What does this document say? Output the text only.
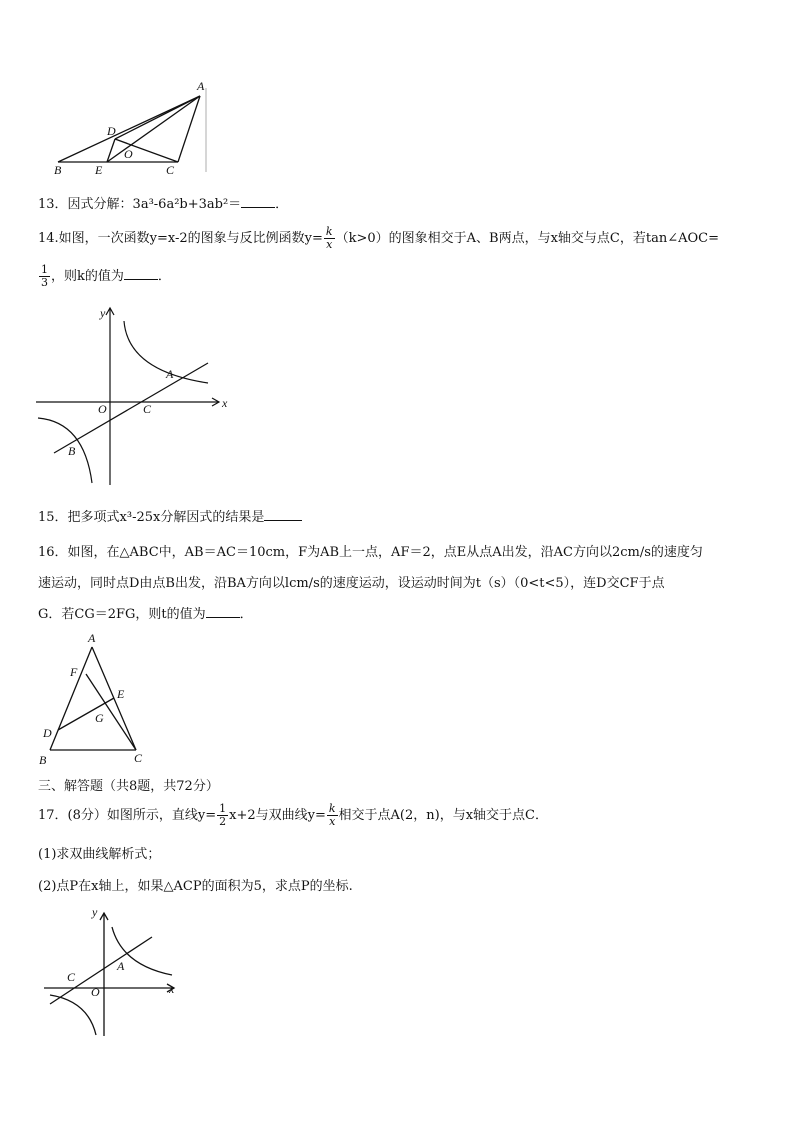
A
B	C
D
E
O
13．因式分解：3a³-6a²b+3ab²＝	．
14.如图，一次函数y=x-2的图象与反比例函数$y= \frac{k}{x} (k>0)$的图象相交于A、B两点，与x轴交与点C，若tan∠AOC=
$\frac{1}{3}$ ，则k的值为	．
y
x
O
A
B
C
15．把多项式x³-25x分解因式的结果是
16．如图，在△ABC中，AB＝AC＝10cm，F为AB上一点，AF＝2，点E从点A出发，沿AC方向以2cm/s的速度匀
速运动，同时点D由点B出发，沿BA方向以lcm/s的速度运动，设运动时间为t（s）（0<t<5），连D交CF于点
G．若CG＝2FG，则t的值为	．
A
F
E
G
D
B	C
三、解答题（共8题，共72分）
17．(8分）如图所示，直线$y= \frac{1}{2} x+2$与双曲线$y= \frac{k}{x}$ 相交于点A(2，n)，与x轴交于点C．
(1)求双曲线解析式；
(2)点P在x轴上，如果△ACP的面积为5，求点P的坐标.
y
x
O
A
C
